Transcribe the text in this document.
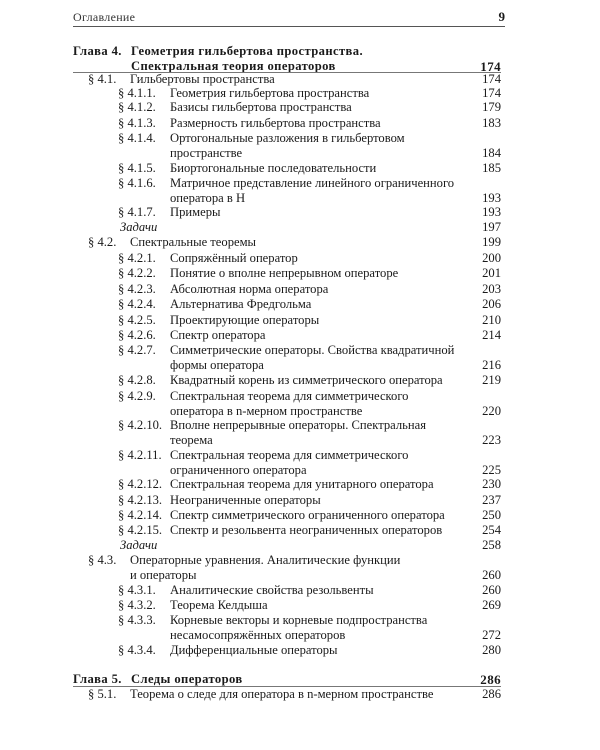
Оглавление	9
Глава 4. Геометрия гильбертова пространства.
Спектральная теория операторов	174
§ 4.1. Гильбертовы пространства	174
§ 4.1.1. Геометрия гильбертова пространства	174
§ 4.1.2. Базисы гильбертова пространства	179
§ 4.1.3. Размерность гильбертова пространства	183
§ 4.1.4. Ортогональные разложения в гильбертовом
пространстве	184
§ 4.1.5. Биортогональные последовательности	185
§ 4.1.6. Матричное представление линейного ограниченного
оператора в H	193
§ 4.1.7. Примеры	193
Задачи	197
§ 4.2. Спектральные теоремы	199
§ 4.2.1. Сопряжённый оператор	200
§ 4.2.2. Понятие о вполне непрерывном операторе	201
§ 4.2.3. Абсолютная норма оператора	203
§ 4.2.4. Альтернатива Фредгольма	206
§ 4.2.5. Проектирующие операторы	210
§ 4.2.6. Спектр оператора	214
§ 4.2.7. Симметрические операторы. Свойства квадратичной
формы оператора	216
§ 4.2.8. Квадратный корень из симметрического оператора	219
§ 4.2.9. Спектральная теорема для симметрического
оператора в n-мерном пространстве	220
§ 4.2.10. Вполне непрерывные операторы. Спектральная
теорема	223
§ 4.2.11. Спектральная теорема для симметрического
ограниченного оператора	225
§ 4.2.12. Спектральная теорема для унитарного оператора	230
§ 4.2.13. Неограниченные операторы	237
§ 4.2.14. Спектр симметрического ограниченного оператора	250
§ 4.2.15. Спектр и резольвента неограниченных операторов	254
Задачи	258
§ 4.3. Операторные уравнения. Аналитические функции
и операторы	260
§ 4.3.1. Аналитические свойства резольвенты	260
§ 4.3.2. Теорема Келдыша	269
§ 4.3.3. Корневые векторы и корневые подпространства
несамосопряжённых операторов	272
§ 4.3.4. Дифференциальные операторы	280
Глава 5. Следы операторов	286
§ 5.1. Теорема о следе для оператора в n-мерном пространстве	286
